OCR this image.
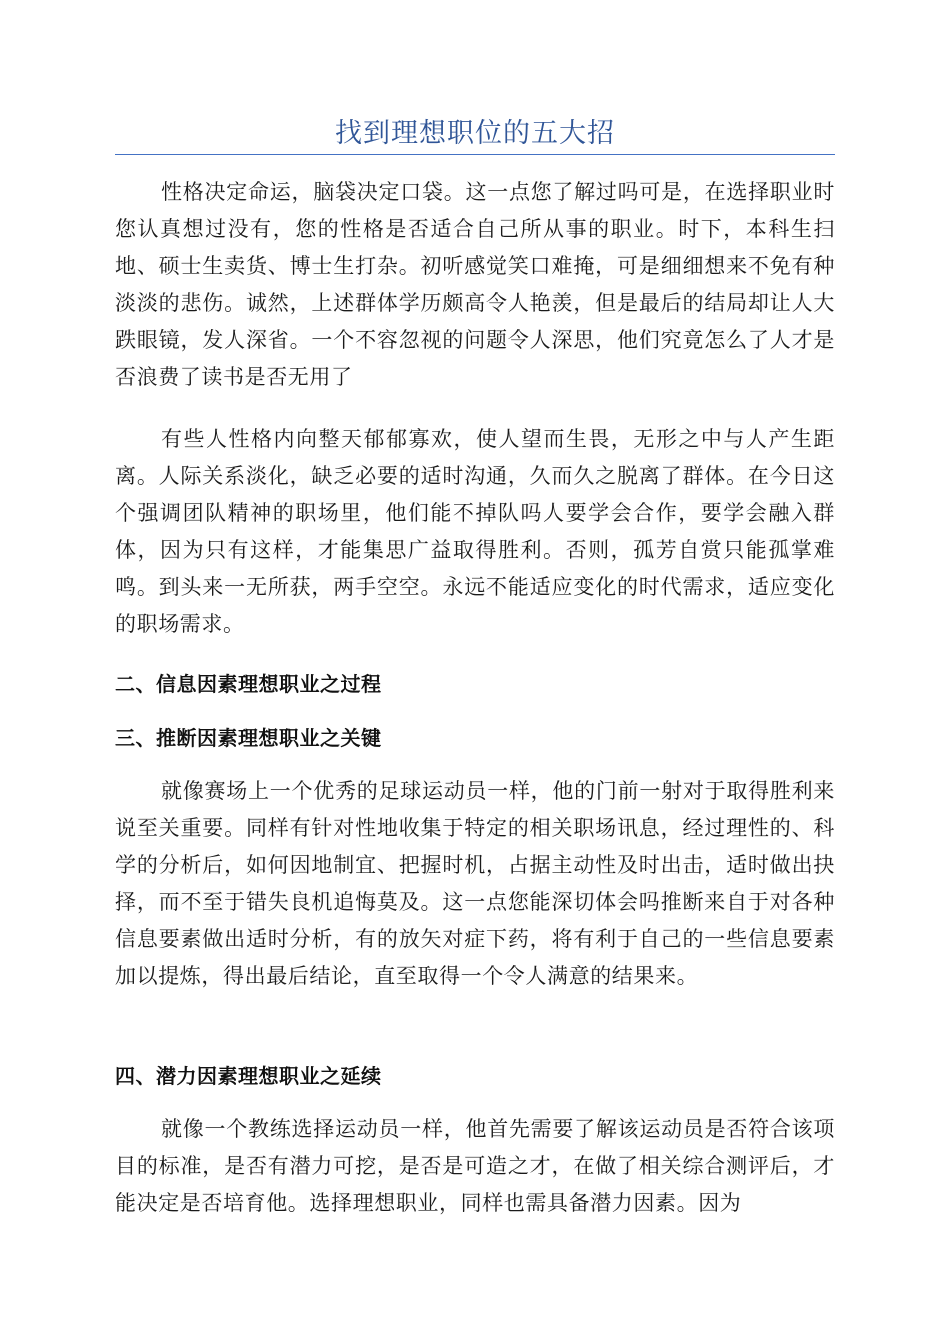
找到理想职位的五大招

性格决定命运，脑袋决定口袋。这一点您了解过吗可是，在选择职业时您认真想过没有，您的性格是否适合自己所从事的职业。时下，本科生扫地、硕士生卖货、博士生打杂。初听感觉笑口难掩，可是细细想来不免有种淡淡的悲伤。诚然，上述群体学历颇高令人艳羡，但是最后的结局却让人大跌眼镜，发人深省。一个不容忽视的问题令人深思，他们究竟怎么了人才是否浪费了读书是否无用了

有些人性格内向整天郁郁寡欢，使人望而生畏，无形之中与人产生距离。人际关系淡化，缺乏必要的适时沟通，久而久之脱离了群体。在今日这个强调团队精神的职场里，他们能不掉队吗人要学会合作，要学会融入群体，因为只有这样，才能集思广益取得胜利。否则，孤芳自赏只能孤掌难鸣。到头来一无所获，两手空空。永远不能适应变化的时代需求，适应变化的职场需求。

二、信息因素理想职业之过程
三、推断因素理想职业之关键

就像赛场上一个优秀的足球运动员一样，他的门前一射对于取得胜利来说至关重要。同样有针对性地收集于特定的相关职场讯息，经过理性的、科学的分析后，如何因地制宜、把握时机，占据主动性及时出击，适时做出抉择，而不至于错失良机追悔莫及。这一点您能深切体会吗推断来自于对各种信息要素做出适时分析，有的放矢对症下药，将有利于自己的一些信息要素加以提炼，得出最后结论，直至取得一个令人满意的结果来。

四、潜力因素理想职业之延续

就像一个教练选择运动员一样，他首先需要了解该运动员是否符合该项目的标准，是否有潜力可挖，是否是可造之才，在做了相关综合测评后，才能决定是否培育他。选择理想职业，同样也需具备潜力因素。因为
